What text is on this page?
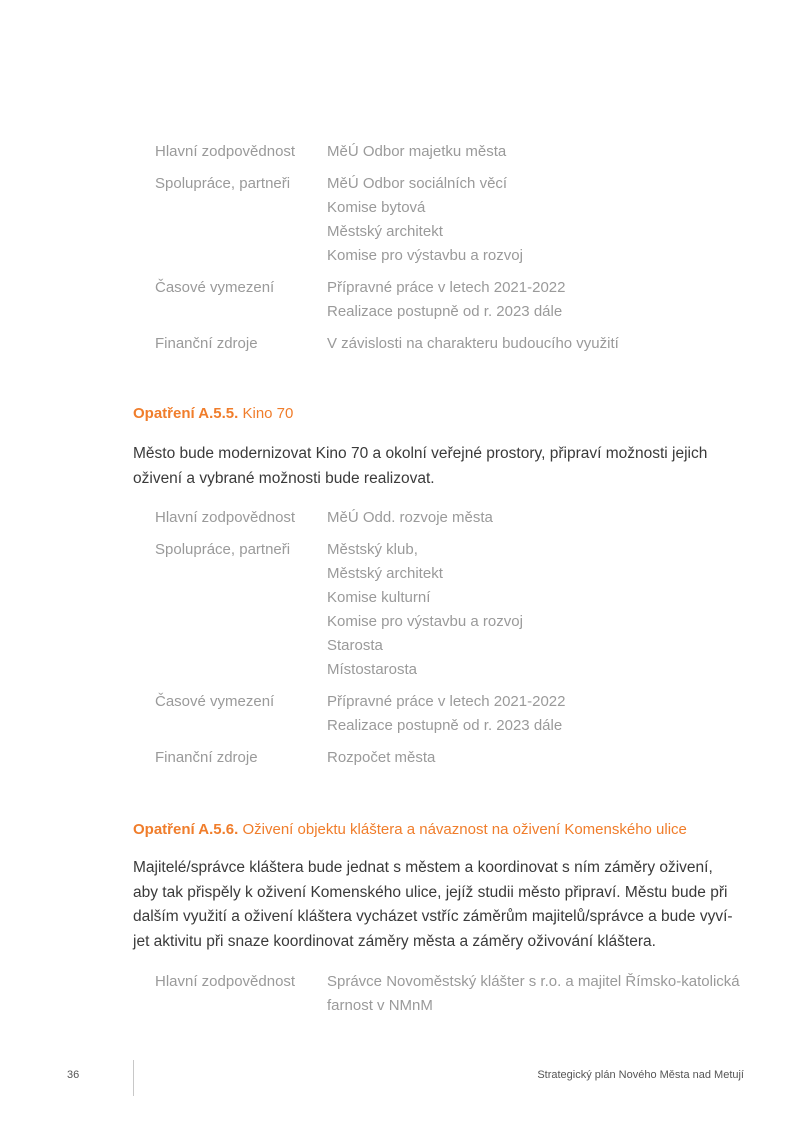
Hlavní zodpovědnost	MěÚ Odbor majetku města
Spolupráce, partneři	MěÚ Odbor sociálních věcí
Komise bytová
Městský architekt
Komise pro výstavbu a rozvoj
Časové vymezení	Přípravné práce v letech 2021-2022
Realizace postupně od r. 2023 dále
Finanční zdroje	V závislosti na charakteru budoucího využití
Opatření A.5.5. Kino 70
Město bude modernizovat Kino 70 a okolní veřejné prostory, připraví možnosti jejich
oživení a vybrané možnosti bude realizovat.
Hlavní zodpovědnost	MěÚ Odd. rozvoje města
Spolupráce, partneři	Městský klub,
Městský architekt
Komise kulturní
Komise pro výstavbu a rozvoj
Starosta
Místostarosta
Časové vymezení	Přípravné práce v letech 2021-2022
Realizace postupně od r. 2023 dále
Finanční zdroje	Rozpočet města
Opatření A.5.6. Oživení objektu kláštera a návaznost na oživení Komenského ulice
Majitelé/správce kláštera bude jednat s městem a koordinovat s ním záměry oživení,
aby tak přispěly k oživení Komenského ulice, jejíž studii město připraví. Městu bude při
dalším využití a oživení kláštera vycházet vstříc záměrům majitelů/správce a bude vyví-
jet aktivitu při snaze koordinovat záměry města a záměry oživování kláštera.
Hlavní zodpovědnost	Správce Novoměstský klášter s r.o. a majitel Římsko-katolická
farnost v NMnM
36	Strategický plán Nového Města nad Metují
